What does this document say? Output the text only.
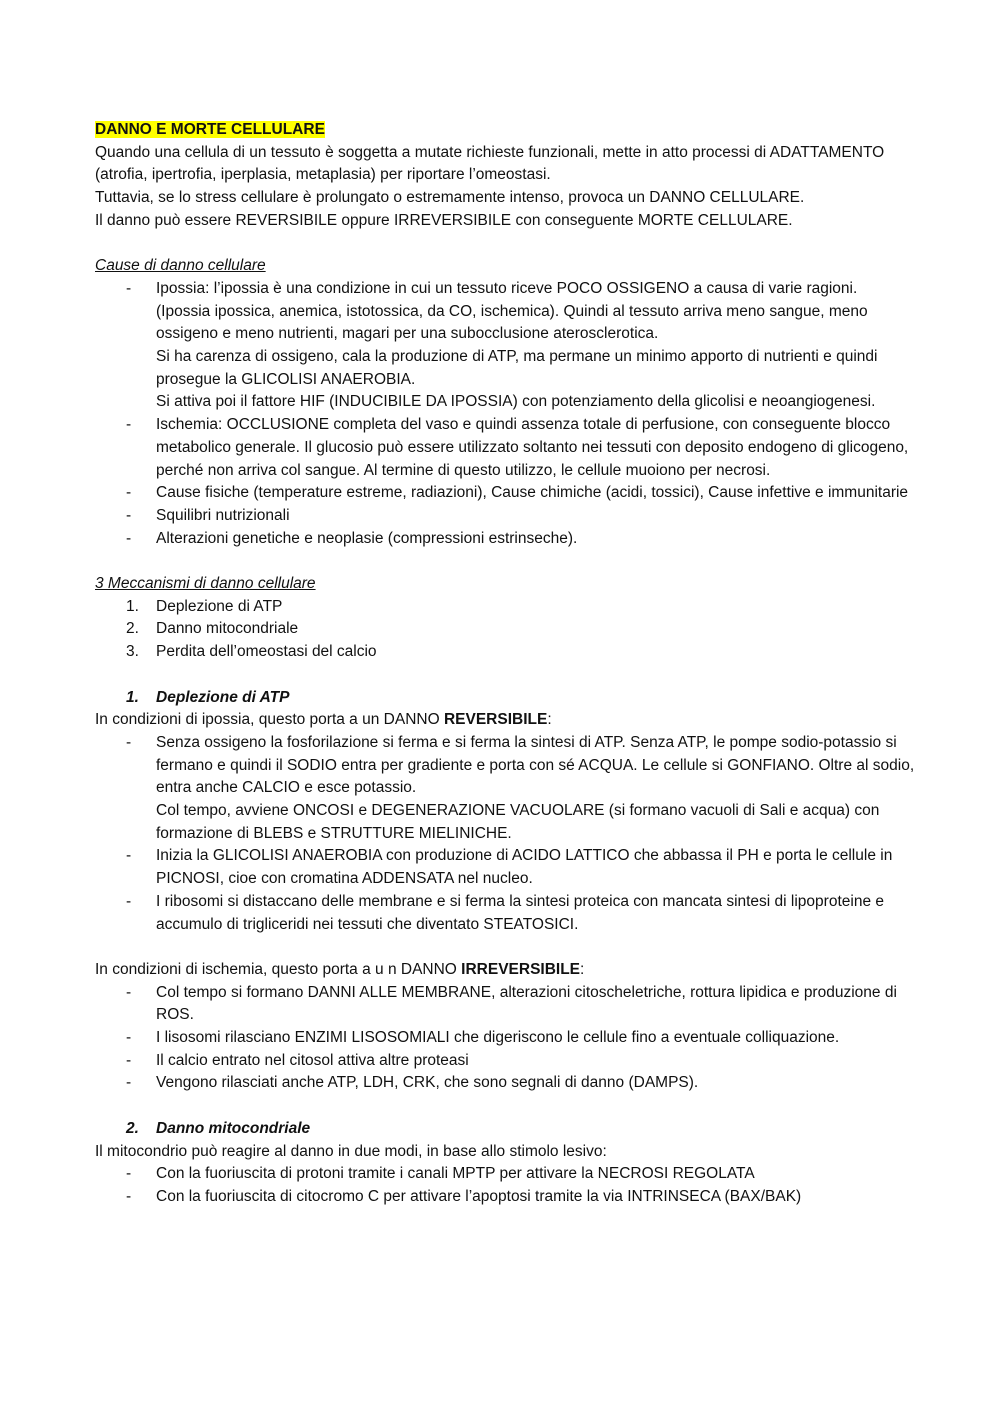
DANNO E MORTE CELLULARE

Quando una cellula di un tessuto è soggetta a mutate richieste funzionali, mette in atto processi di ADATTAMENTO (atrofia, ipertrofia, iperplasia, metaplasia) per riportare l’omeostasi.

Tuttavia, se lo stress cellulare è prolungato o estremamente intenso, provoca un DANNO CELLULARE.

Il danno può essere REVERSIBILE oppure IRREVERSIBILE con conseguente MORTE CELLULARE.

Cause di danno cellulare

- Ipossia: l’ipossia è una condizione in cui un tessuto riceve POCO OSSIGENO a causa di varie ragioni. (Ipossia ipossica, anemica, istotossica, da CO, ischemica). Quindi al tessuto arriva meno sangue, meno ossigeno e meno nutrienti, magari per una subocclusione aterosclerotica.
Si ha carenza di ossigeno, cala la produzione di ATP, ma permane un minimo apporto di nutrienti e quindi prosegue la GLICOLISI ANAEROBIA.
Si attiva poi il fattore HIF (INDUCIBILE DA IPOSSIA) con potenziamento della glicolisi e neoangiogenesi.
- Ischemia: OCCLUSIONE completa del vaso e quindi assenza totale di perfusione, con conseguente blocco metabolico generale. Il glucosio può essere utilizzato soltanto nei tessuti con deposito endogeno di glicogeno, perché non arriva col sangue. Al termine di questo utilizzo, le cellule muoiono per necrosi.
- Cause fisiche (temperature estreme, radiazioni), Cause chimiche (acidi, tossici), Cause infettive e immunitarie
- Squilibri nutrizionali
- Alterazioni genetiche e neoplasie (compressioni estrinseche).

3 Meccanismi di danno cellulare

1. Deplezione di ATP
2. Danno mitocondriale
3. Perdita dell’omeostasi del calcio

1. Deplezione di ATP

In condizioni di ipossia, questo porta a un DANNO REVERSIBILE:

- Senza ossigeno la fosforilazione si ferma e si ferma la sintesi di ATP. Senza ATP, le pompe sodio-potassio si fermano e quindi il SODIO entra per gradiente e porta con sé ACQUA. Le cellule si GONFIANO. Oltre al sodio, entra anche CALCIO e esce potassio.
Col tempo, avviene ONCOSI e DEGENERAZIONE VACUOLARE (si formano vacuoli di Sali e acqua) con formazione di BLEBS e STRUTTURE MIELINICHE.
- Inizia la GLICOLISI ANAEROBIA con produzione di ACIDO LATTICO che abbassa il PH e porta le cellule in PICNOSI, cioe con cromatina ADDENSATA nel nucleo.
- I ribosomi si distaccano delle membrane e si ferma la sintesi proteica con mancata sintesi di lipoproteine e accumulo di trigliceridi nei tessuti che diventato STEATOSICI.

In condizioni di ischemia, questo porta a u n DANNO IRREVERSIBILE:

- Col tempo si formano DANNI ALLE MEMBRANE, alterazioni citoscheletriche, rottura lipidica e produzione di ROS.
- I lisosomi rilasciano ENZIMI LISOSOMIALI che digeriscono le cellule fino a eventuale colliquazione.
- Il calcio entrato nel citosol attiva altre proteasi
- Vengono rilasciati anche ATP, LDH, CRK, che sono segnali di danno (DAMPS).

2. Danno mitocondriale

Il mitocondrio può reagire al danno in due modi, in base allo stimolo lesivo:

- Con la fuoriuscita di protoni tramite i canali MPTP per attivare la NECROSI REGOLATA
- Con la fuoriuscita di citocromo C per attivare l’apoptosi tramite la via INTRINSECA (BAX/BAK)
